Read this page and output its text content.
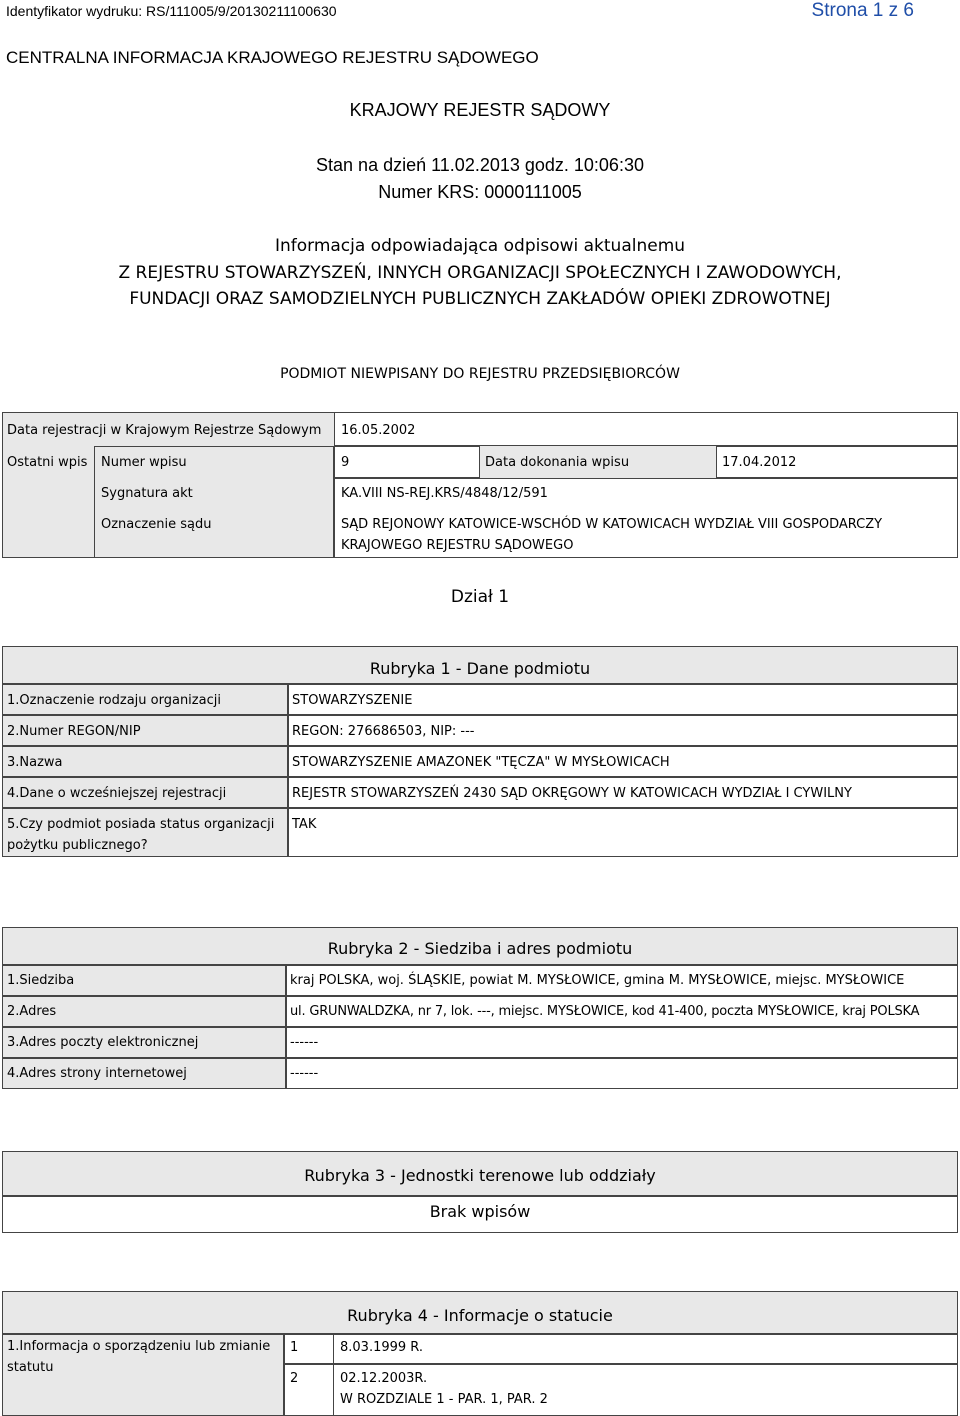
Identyfikator wydruku: RS/111005/9/20130211100630	Strona 1 z 6
CENTRALNA INFORMACJA KRAJOWEGO REJESTRU SĄDOWEGO
KRAJOWY REJESTR SĄDOWY
Stan na dzień 11.02.2013 godz. 10:06:30
Numer KRS: 0000111005
Informacja odpowiadająca odpisowi aktualnemu
Z REJESTRU STOWARZYSZEŃ, INNYCH ORGANIZACJI SPOŁECZNYCH I ZAWODOWYCH,
FUNDACJI ORAZ SAMODZIELNYCH PUBLICZNYCH ZAKŁADÓW OPIEKI ZDROWOTNEJ
PODMIOT NIEWPISANY DO REJESTRU PRZEDSIĘBIORCÓW
Data rejestracji w Krajowym Rejestrze Sądowym 16.05.2002
Ostatni wpis Numer wpisu	9	Data dokonania wpisu	17.04.2012
Sygnatura akt	KA.VIII NS-REJ.KRS/4848/12/591
Oznaczenie sądu	SĄD REJONOWY KATOWICE-WSCHÓD W KATOWICACH WYDZIAŁ VIII GOSPODARCZY
KRAJOWEGO REJESTRU SĄDOWEGO
Dział 1
Rubryka 1 - Dane podmiotu
1.Oznaczenie rodzaju organizacji	STOWARZYSZENIE
2.Numer REGON/NIP	REGON: 276686503, NIP: ---
3.Nazwa	STOWARZYSZENIE AMAZONEK "TĘCZA" W MYSŁOWICACH
4.Dane o wcześniejszej rejestracji	REJESTR STOWARZYSZEŃ 2430 SĄD OKRĘGOWY W KATOWICACH WYDZIAŁ I CYWILNY
5.Czy podmiot posiada status organizacji
pożytku publicznego?
TAK
Rubryka 2 - Siedziba i adres podmiotu
1.Siedziba	kraj POLSKA, woj. ŚLĄSKIE, powiat M. MYSŁOWICE, gmina M. MYSŁOWICE, miejsc. MYSŁOWICE
2.Adres	ul. GRUNWALDZKA, nr 7, lok. ---, miejsc. MYSŁOWICE, kod 41-400, poczta MYSŁOWICE, kraj POLSKA
3.Adres poczty elektronicznej	------
4.Adres strony internetowej	------
Rubryka 3 - Jednostki terenowe lub oddziały
Brak wpisów
Rubryka 4 - Informacje o statucie
1.Informacja o sporządzeniu lub zmianie
statutu
1	8.03.1999 R.
2	02.12.2003R.
W ROZDZIALE 1 - PAR. 1, PAR. 2
